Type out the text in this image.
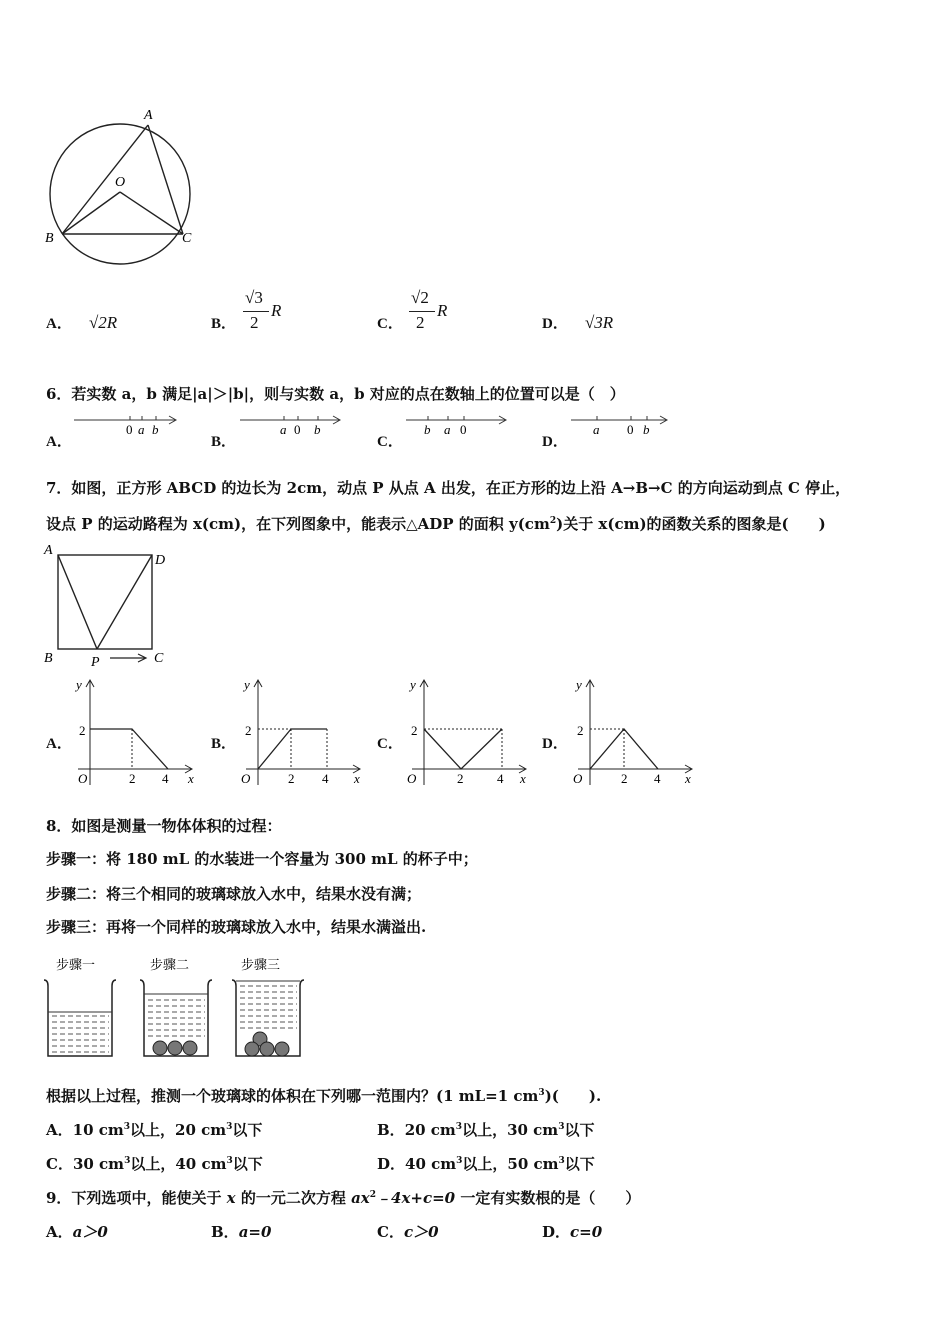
A
O
B	C
A． √2R	B．
√3
2
R
C．
√2
2
R
D． √3R
6．若实数 a，b 满足|a|＞|b|，则与实数 a，b 对应的点在数轴上的位置可以是（　）
A．
0 a b
B．
a 0 b
C．
b a 0
D．
a 0 b
7．如图，正方形 ABCD 的边长为 2cm，动点 P 从点 A 出发，在正方形的边上沿 A→B→C 的方向运动到点 C 停止，
设点 P 的运动路程为 x(cm)，在下列图象中，能表示△ADP 的面积 $y(cm^2)$关于 x(cm)的函数关系的图象是(　　)
A
D
B	P	C
A．
y
2
O	2 4 x
B．
y
2
O	2 4 x
C．
y
2
O	2	4 x
D．
y
2
O	2 4 x
8．如图是测量一物体体积的过程：
步骤一：将 180 mL 的水装进一个容量为 300 mL 的杯子中；
步骤二：将三个相同的玻璃球放入水中，结果水没有满；
步骤三：再将一个同样的玻璃球放入水中，结果水满溢出.
步骤一	步骤二	步骤三
根据以上过程，推测一个玻璃球的体积在下列哪一范围内？(1 mL=1 $cm^3$)(　　).
A．10 $cm^3$以上，20 $cm^3$以下	B．20 $cm^3$以上，30 $cm^3$以下
C．30 $cm^3$以上，40 $cm^3$以下	D．40 $cm^3$以上，50 $cm^3$以下
9．下列选项中，能使关于 x 的一元二次方程 $ax^2﹣4x+c=0$ 一定有实数根的是（　　）
A．a＞0	B．a=0	C．c＞0	D．c=0
